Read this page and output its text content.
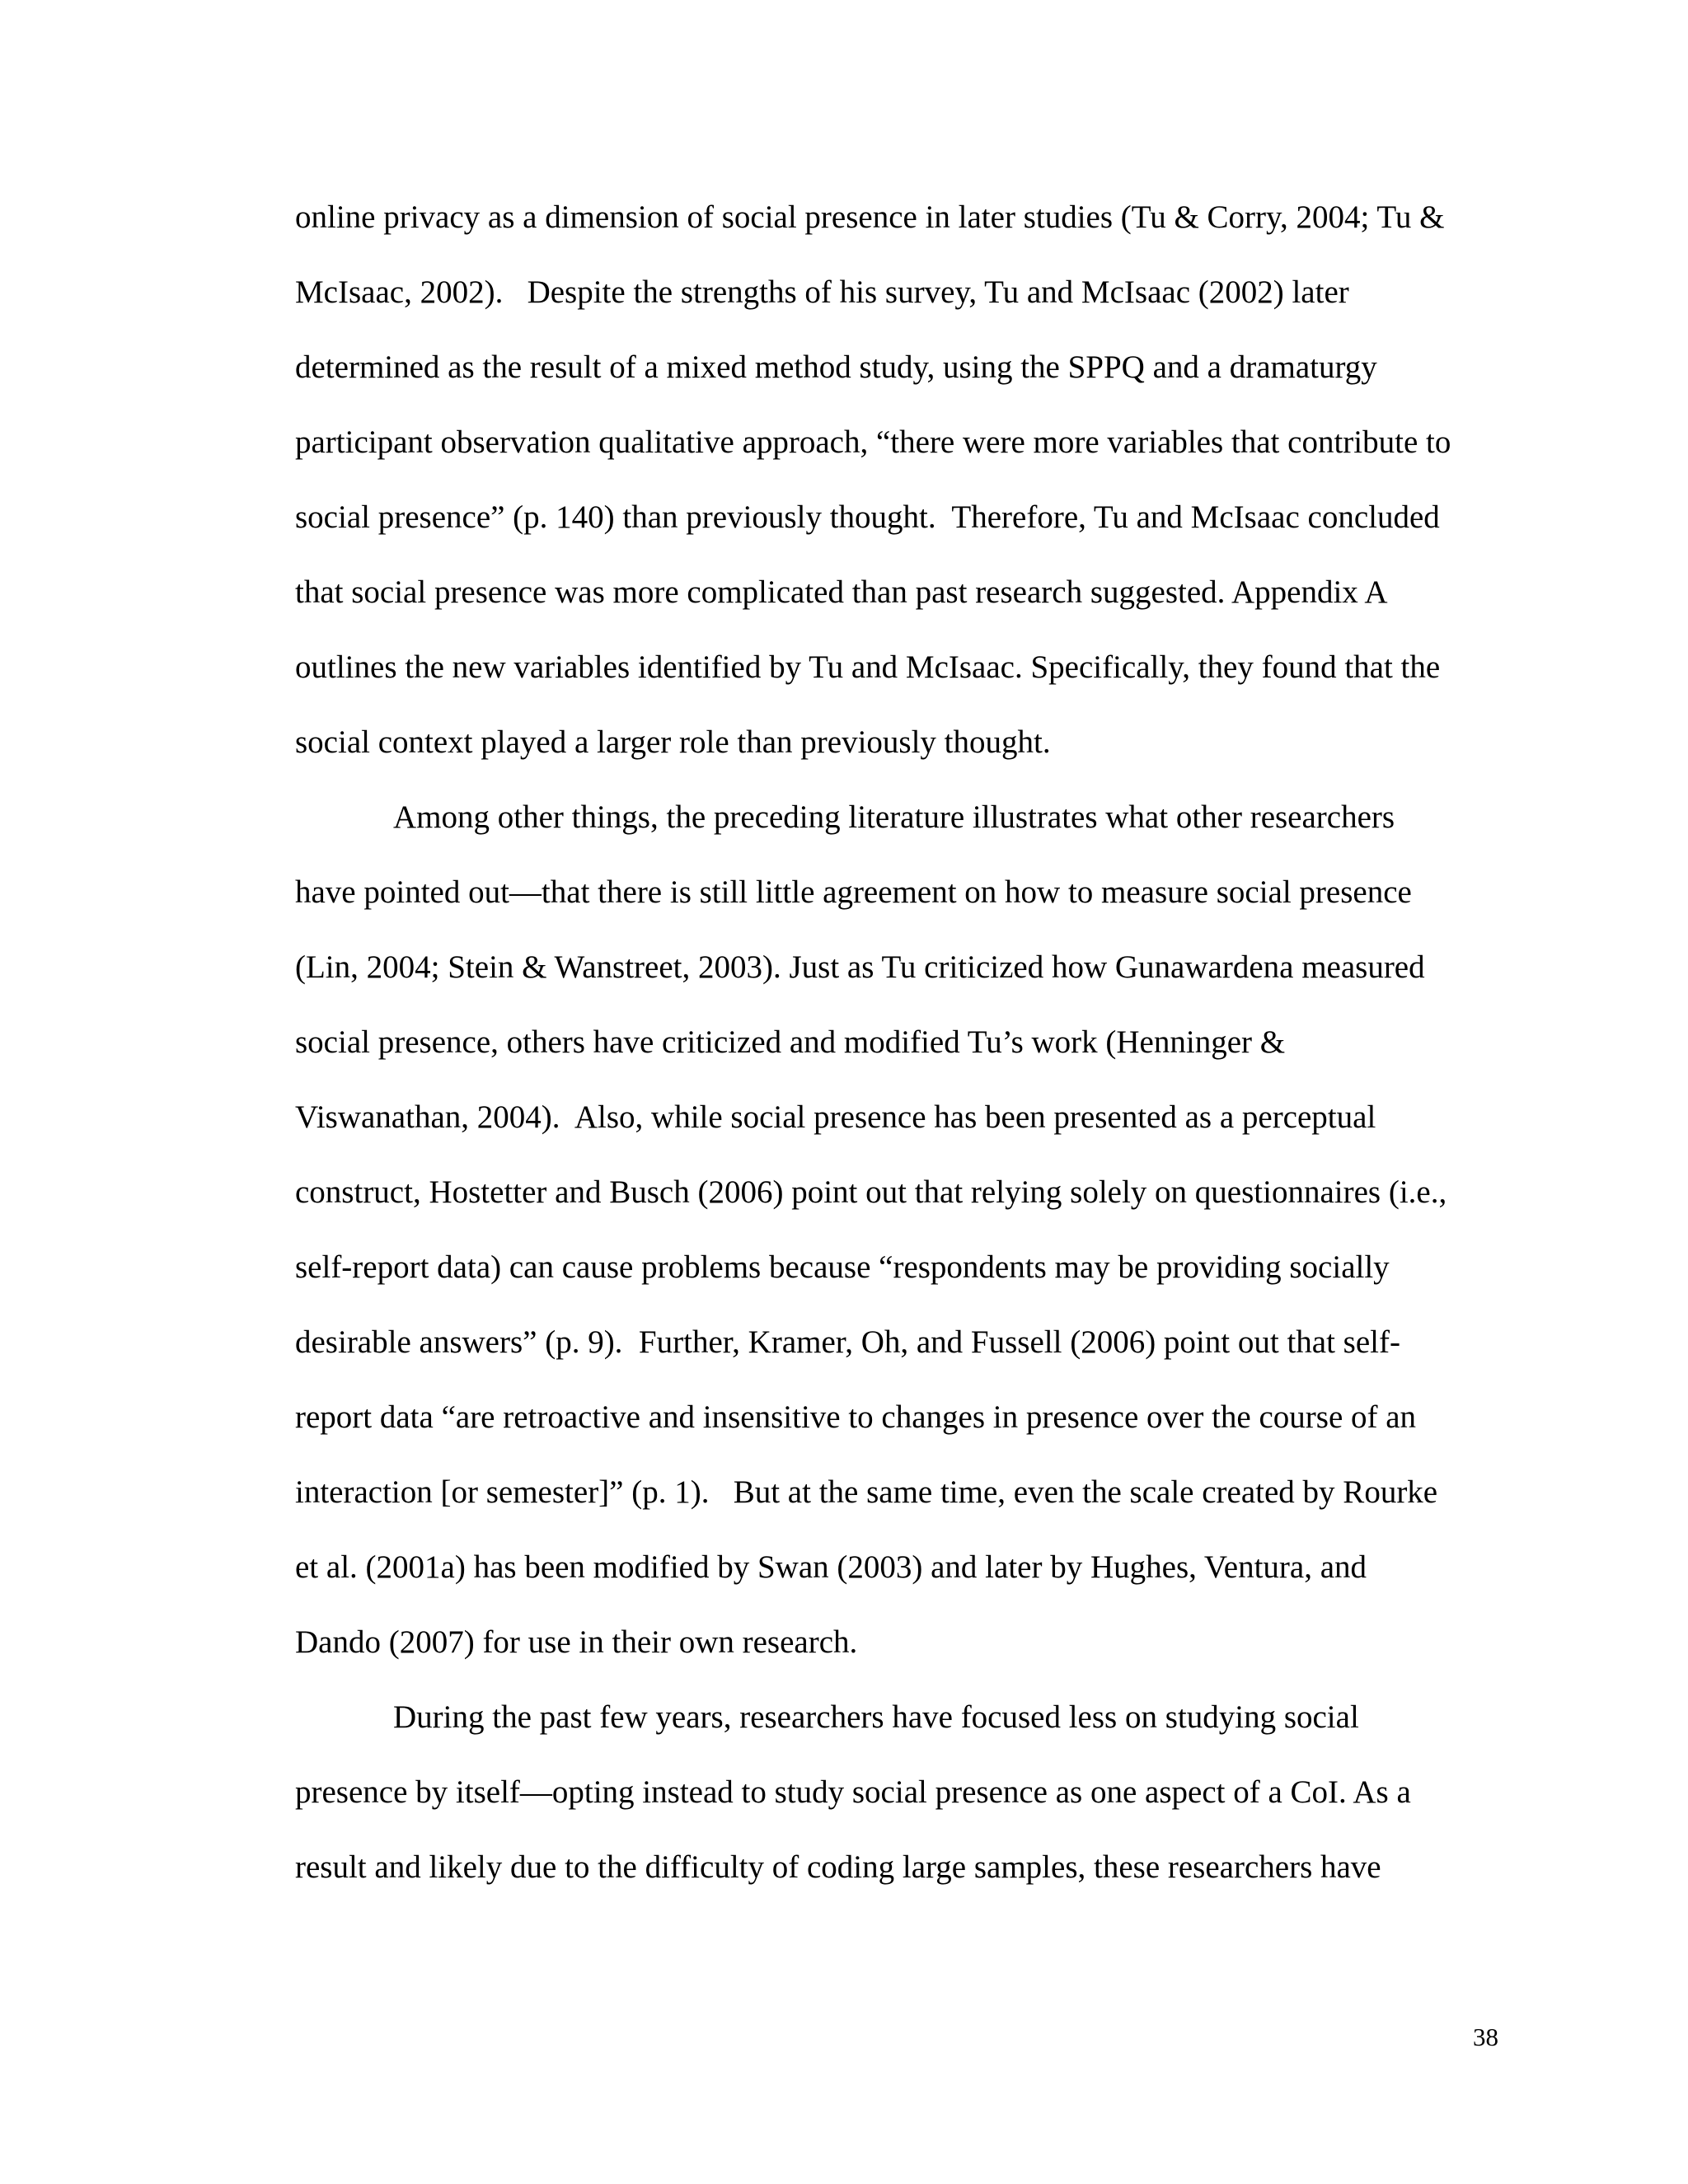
online privacy as a dimension of social presence in later studies (Tu & Corry, 2004; Tu &
McIsaac, 2002).   Despite the strengths of his survey, Tu and McIsaac (2002) later
determined as the result of a mixed method study, using the SPPQ and a dramaturgy
participant observation qualitative approach, “there were more variables that contribute to
social presence” (p. 140) than previously thought.  Therefore, Tu and McIsaac concluded
that social presence was more complicated than past research suggested. Appendix A
outlines the new variables identified by Tu and McIsaac. Specifically, they found that the
social context played a larger role than previously thought.
Among other things, the preceding literature illustrates what other researchers
have pointed out—that there is still little agreement on how to measure social presence
(Lin, 2004; Stein & Wanstreet, 2003). Just as Tu criticized how Gunawardena measured
social presence, others have criticized and modified Tu’s work (Henninger &
Viswanathan, 2004).  Also, while social presence has been presented as a perceptual
construct, Hostetter and Busch (2006) point out that relying solely on questionnaires (i.e.,
self-report data) can cause problems because “respondents may be providing socially
desirable answers” (p. 9).  Further, Kramer, Oh, and Fussell (2006) point out that self-
report data “are retroactive and insensitive to changes in presence over the course of an
interaction [or semester]” (p. 1).   But at the same time, even the scale created by Rourke
et al. (2001a) has been modified by Swan (2003) and later by Hughes, Ventura, and
Dando (2007) for use in their own research.
During the past few years, researchers have focused less on studying social
presence by itself—opting instead to study social presence as one aspect of a CoI. As a
result and likely due to the difficulty of coding large samples, these researchers have
38
